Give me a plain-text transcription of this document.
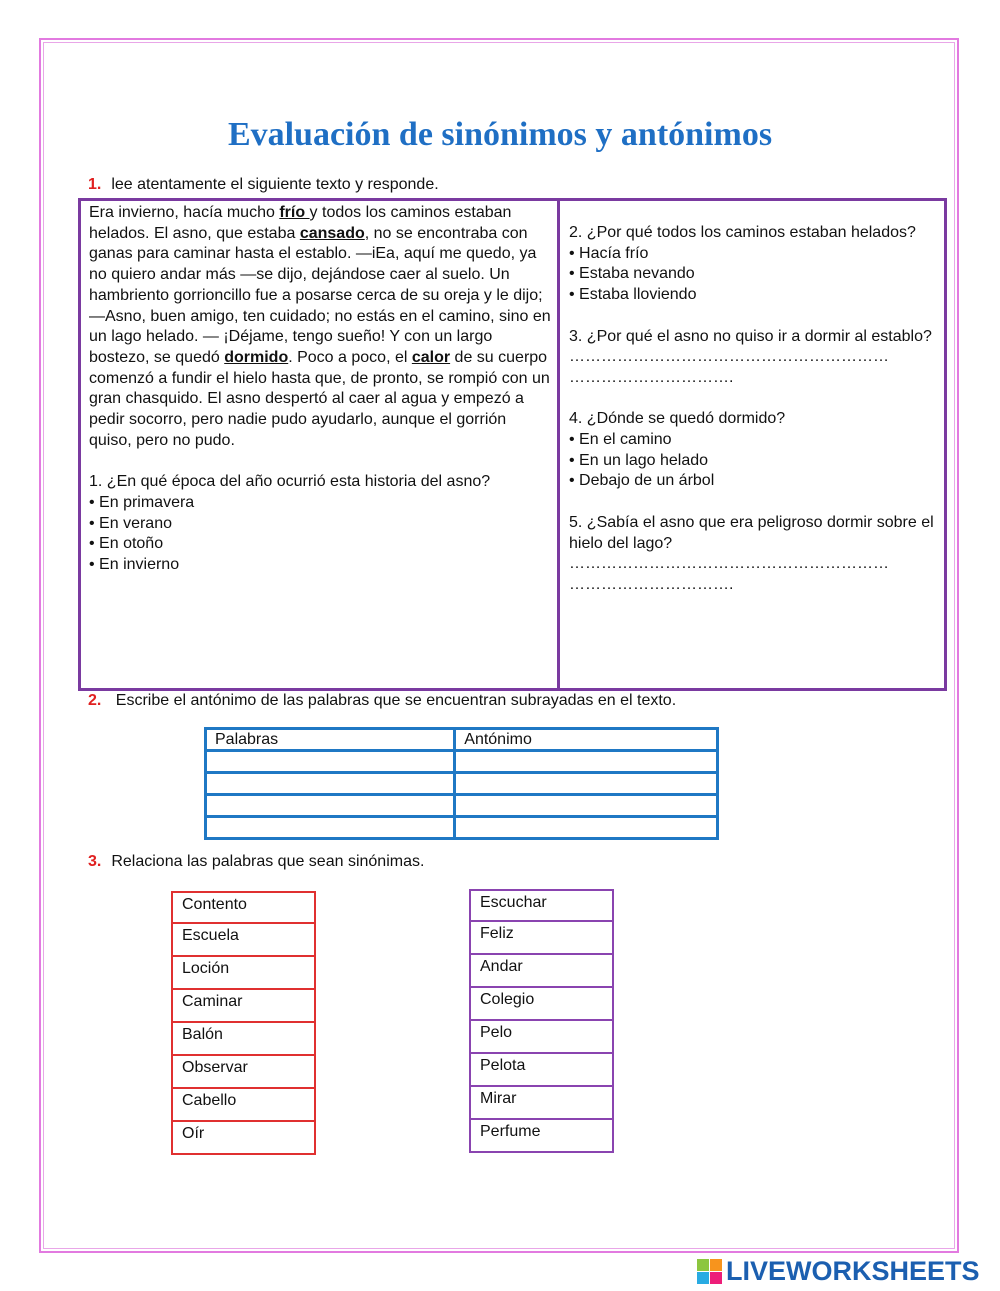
Evaluación de sinónimos y antónimos
1. lee atentamente el siguiente texto y responde.

Era invierno, hacía mucho frío y todos los caminos estaban helados. El asno, que estaba cansado, no se encontraba con ganas para caminar hasta el establo. —iEa, aquí me quedo, ya no quiero andar más —se dijo, dejándose caer al suelo. Un hambriento gorrioncillo fue a posarse cerca de su oreja y le dijo; —Asno, buen amigo, ten cuidado; no estás en el camino, sino en un lago helado. — ¡Déjame, tengo sueño! Y con un largo bostezo, se quedó dormido. Poco a poco, el calor de su cuerpo comenzó a fundir el hielo hasta que, de pronto, se rompió con un gran chasquido. El asno despertó al caer al agua y empezó a pedir socorro, pero nadie pudo ayudarlo, aunque el gorrión quiso, pero no pudo.

1. ¿En qué época del año ocurrió esta historia del asno?

• En primavera

• En verano

• En otoño

• En invierno

2. ¿Por qué todos los caminos estaban helados?

• Hacía frío

• Estaba nevando

• Estaba lloviendo

3. ¿Por qué el asno no quiso ir a dormir al establo?

……………………………………………………

………………………….

4. ¿Dónde se quedó dormido?

• En el camino

• En un lago helado

• Debajo de un árbol

5. ¿Sabía el asno que era peligroso dormir sobre el hielo del lago?

……………………………………………………

………………………….

2. Escribe el antónimo de las palabras que se encuentran subrayadas en el texto.
Palabras	Antónimo

3. Relaciona las palabras que sean sinónimas.
Contento
Escuela
Loción
Caminar
Balón
Observar
Cabello
Oír
Escuchar
Feliz
Andar
Colegio
Pelo
Pelota
Mirar
Perfume
LIVEWORKSHEETS
